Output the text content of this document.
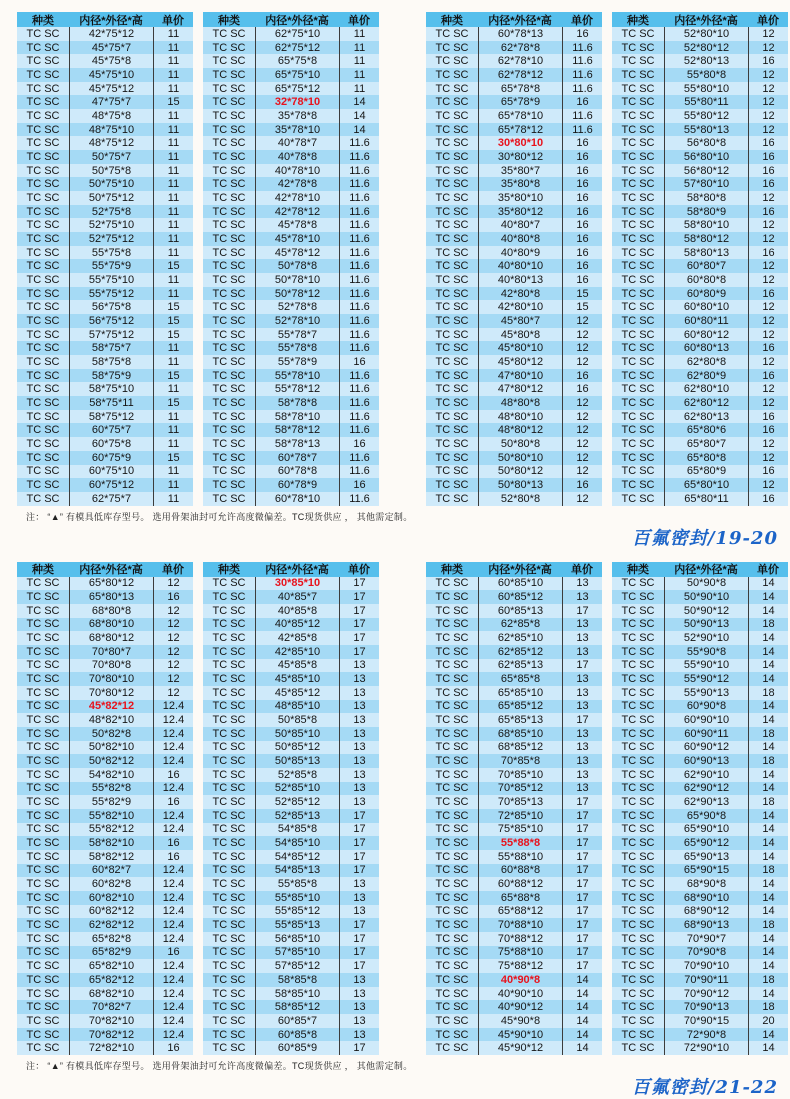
种类	内径*外径*高	单价
TC SC	42*75*12	11
TC SC	45*75*7	11
TC SC	45*75*8	11
TC SC	45*75*10	11
TC SC	45*75*12	11
TC SC	47*75*7	15
TC SC	48*75*8	11
TC SC	48*75*10	11
TC SC	48*75*12	11
TC SC	50*75*7	11
TC SC	50*75*8	11
TC SC	50*75*10	11
TC SC	50*75*12	11
TC SC	52*75*8	11
TC SC	52*75*10	11
TC SC	52*75*12	11
TC SC	55*75*8	11
TC SC	55*75*9	15
TC SC	55*75*10	11
TC SC	55*75*12	11
TC SC	56*75*8	15
TC SC	56*75*12	15
TC SC	57*75*12	15
TC SC	58*75*7	11
TC SC	58*75*8	11
TC SC	58*75*9	15
TC SC	58*75*10	11
TC SC	58*75*11	15
TC SC	58*75*12	11
TC SC	60*75*7	11
TC SC	60*75*8	11
TC SC	60*75*9	15
TC SC	60*75*10	11
TC SC	60*75*12	11
TC SC	62*75*7	11
种类	内径*外径*高	单价
TC SC	62*75*10	11
TC SC	62*75*12	11
TC SC	65*75*8	11
TC SC	65*75*10	11
TC SC	65*75*12	11
TC SC	32*78*10	14
TC SC	35*78*8	14
TC SC	35*78*10	14
TC SC	40*78*7	11.6
TC SC	40*78*8	11.6
TC SC	40*78*10	11.6
TC SC	42*78*8	11.6
TC SC	42*78*10	11.6
TC SC	42*78*12	11.6
TC SC	45*78*8	11.6
TC SC	45*78*10	11.6
TC SC	45*78*12	11.6
TC SC	50*78*8	11.6
TC SC	50*78*10	11.6
TC SC	50*78*12	11.6
TC SC	52*78*8	11.6
TC SC	52*78*10	11.6
TC SC	55*78*7	11.6
TC SC	55*78*8	11.6
TC SC	55*78*9	16
TC SC	55*78*10	11.6
TC SC	55*78*12	11.6
TC SC	58*78*8	11.6
TC SC	58*78*10	11.6
TC SC	58*78*12	11.6
TC SC	58*78*13	16
TC SC	60*78*7	11.6
TC SC	60*78*8	11.6
TC SC	60*78*9	16
TC SC	60*78*10	11.6
种类	内径*外径*高	单价
TC SC	60*78*13	16
TC SC	62*78*8	11.6
TC SC	62*78*10	11.6
TC SC	62*78*12	11.6
TC SC	65*78*8	11.6
TC SC	65*78*9	16
TC SC	65*78*10	11.6
TC SC	65*78*12	11.6
TC SC	30*80*10	16
TC SC	30*80*12	16
TC SC	35*80*7	16
TC SC	35*80*8	16
TC SC	35*80*10	16
TC SC	35*80*12	16
TC SC	40*80*7	16
TC SC	40*80*8	16
TC SC	40*80*9	16
TC SC	40*80*10	16
TC SC	40*80*13	16
TC SC	42*80*8	15
TC SC	42*80*10	15
TC SC	45*80*7	12
TC SC	45*80*8	12
TC SC	45*80*10	12
TC SC	45*80*12	12
TC SC	47*80*10	16
TC SC	47*80*12	16
TC SC	48*80*8	12
TC SC	48*80*10	12
TC SC	48*80*12	12
TC SC	50*80*8	12
TC SC	50*80*10	12
TC SC	50*80*12	12
TC SC	50*80*13	16
TC SC	52*80*8	12
种类	内径*外径*高	单价
TC SC	52*80*10	12
TC SC	52*80*12	12
TC SC	52*80*13	16
TC SC	55*80*8	12
TC SC	55*80*10	12
TC SC	55*80*11	12
TC SC	55*80*12	12
TC SC	55*80*13	12
TC SC	56*80*8	16
TC SC	56*80*10	16
TC SC	56*80*12	16
TC SC	57*80*10	16
TC SC	58*80*8	12
TC SC	58*80*9	16
TC SC	58*80*10	12
TC SC	58*80*12	12
TC SC	58*80*13	16
TC SC	60*80*7	12
TC SC	60*80*8	12
TC SC	60*80*9	16
TC SC	60*80*10	12
TC SC	60*80*11	12
TC SC	60*80*12	12
TC SC	60*80*13	16
TC SC	62*80*8	12
TC SC	62*80*9	16
TC SC	62*80*10	12
TC SC	62*80*12	12
TC SC	62*80*13	16
TC SC	65*80*6	16
TC SC	65*80*7	12
TC SC	65*80*8	12
TC SC	65*80*9	16
TC SC	65*80*10	12
TC SC	65*80*11	16
注： “▲” 有模具低库存型号。 选用骨架油封可允许高度微偏差。TC现货供应 ， 其他需定制。
百氟密封/19-20
种类	内径*外径*高	单价
TC SC	65*80*12	12
TC SC	65*80*13	16
TC SC	68*80*8	12
TC SC	68*80*10	12
TC SC	68*80*12	12
TC SC	70*80*7	12
TC SC	70*80*8	12
TC SC	70*80*10	12
TC SC	70*80*12	12
TC SC	45*82*12	12.4
TC SC	48*82*10	12.4
TC SC	50*82*8	12.4
TC SC	50*82*10	12.4
TC SC	50*82*12	12.4
TC SC	54*82*10	16
TC SC	55*82*8	12.4
TC SC	55*82*9	16
TC SC	55*82*10	12.4
TC SC	55*82*12	12.4
TC SC	58*82*10	16
TC SC	58*82*12	16
TC SC	60*82*7	12.4
TC SC	60*82*8	12.4
TC SC	60*82*10	12.4
TC SC	60*82*12	12.4
TC SC	62*82*12	12.4
TC SC	65*82*8	12.4
TC SC	65*82*9	16
TC SC	65*82*10	12.4
TC SC	65*82*12	12.4
TC SC	68*82*10	12.4
TC SC	70*82*7	12.4
TC SC	70*82*10	12.4
TC SC	70*82*12	12.4
TC SC	72*82*10	16
种类	内径*外径*高	单价
TC SC	30*85*10	17
TC SC	40*85*7	17
TC SC	40*85*8	17
TC SC	40*85*12	17
TC SC	42*85*8	17
TC SC	42*85*10	17
TC SC	45*85*8	13
TC SC	45*85*10	13
TC SC	45*85*12	13
TC SC	48*85*10	13
TC SC	50*85*8	13
TC SC	50*85*10	13
TC SC	50*85*12	13
TC SC	50*85*13	13
TC SC	52*85*8	13
TC SC	52*85*10	13
TC SC	52*85*12	13
TC SC	52*85*13	17
TC SC	54*85*8	17
TC SC	54*85*10	17
TC SC	54*85*12	17
TC SC	54*85*13	17
TC SC	55*85*8	13
TC SC	55*85*10	13
TC SC	55*85*12	13
TC SC	55*85*13	17
TC SC	56*85*10	17
TC SC	57*85*10	17
TC SC	57*85*12	17
TC SC	58*85*8	13
TC SC	58*85*10	13
TC SC	58*85*12	13
TC SC	60*85*7	13
TC SC	60*85*8	13
TC SC	60*85*9	17
种类	内径*外径*高	单价
TC SC	60*85*10	13
TC SC	60*85*12	13
TC SC	60*85*13	17
TC SC	62*85*8	13
TC SC	62*85*10	13
TC SC	62*85*12	13
TC SC	62*85*13	17
TC SC	65*85*8	13
TC SC	65*85*10	13
TC SC	65*85*12	13
TC SC	65*85*13	17
TC SC	68*85*10	13
TC SC	68*85*12	13
TC SC	70*85*8	13
TC SC	70*85*10	13
TC SC	70*85*12	13
TC SC	70*85*13	17
TC SC	72*85*10	17
TC SC	75*85*10	17
TC SC	55*88*8	17
TC SC	55*88*10	17
TC SC	60*88*8	17
TC SC	60*88*12	17
TC SC	65*88*8	17
TC SC	65*88*12	17
TC SC	70*88*10	17
TC SC	70*88*12	17
TC SC	75*88*10	17
TC SC	75*88*12	17
TC SC	40*90*8	14
TC SC	40*90*10	14
TC SC	40*90*12	14
TC SC	45*90*8	14
TC SC	45*90*10	14
TC SC	45*90*12	14
种类	内径*外径*高	单价
TC SC	50*90*8	14
TC SC	50*90*10	14
TC SC	50*90*12	14
TC SC	50*90*13	18
TC SC	52*90*10	14
TC SC	55*90*8	14
TC SC	55*90*10	14
TC SC	55*90*12	14
TC SC	55*90*13	18
TC SC	60*90*8	14
TC SC	60*90*10	14
TC SC	60*90*11	18
TC SC	60*90*12	14
TC SC	60*90*13	18
TC SC	62*90*10	14
TC SC	62*90*12	14
TC SC	62*90*13	18
TC SC	65*90*8	14
TC SC	65*90*10	14
TC SC	65*90*12	14
TC SC	65*90*13	14
TC SC	65*90*15	18
TC SC	68*90*8	14
TC SC	68*90*10	14
TC SC	68*90*12	14
TC SC	68*90*13	18
TC SC	70*90*7	14
TC SC	70*90*8	14
TC SC	70*90*10	14
TC SC	70*90*11	18
TC SC	70*90*12	14
TC SC	70*90*13	18
TC SC	70*90*15	20
TC SC	72*90*8	14
TC SC	72*90*10	14
注： “▲” 有模具低库存型号。 选用骨架油封可允许高度微偏差。TC现货供应 ， 其他需定制。
百氟密封/21-22
